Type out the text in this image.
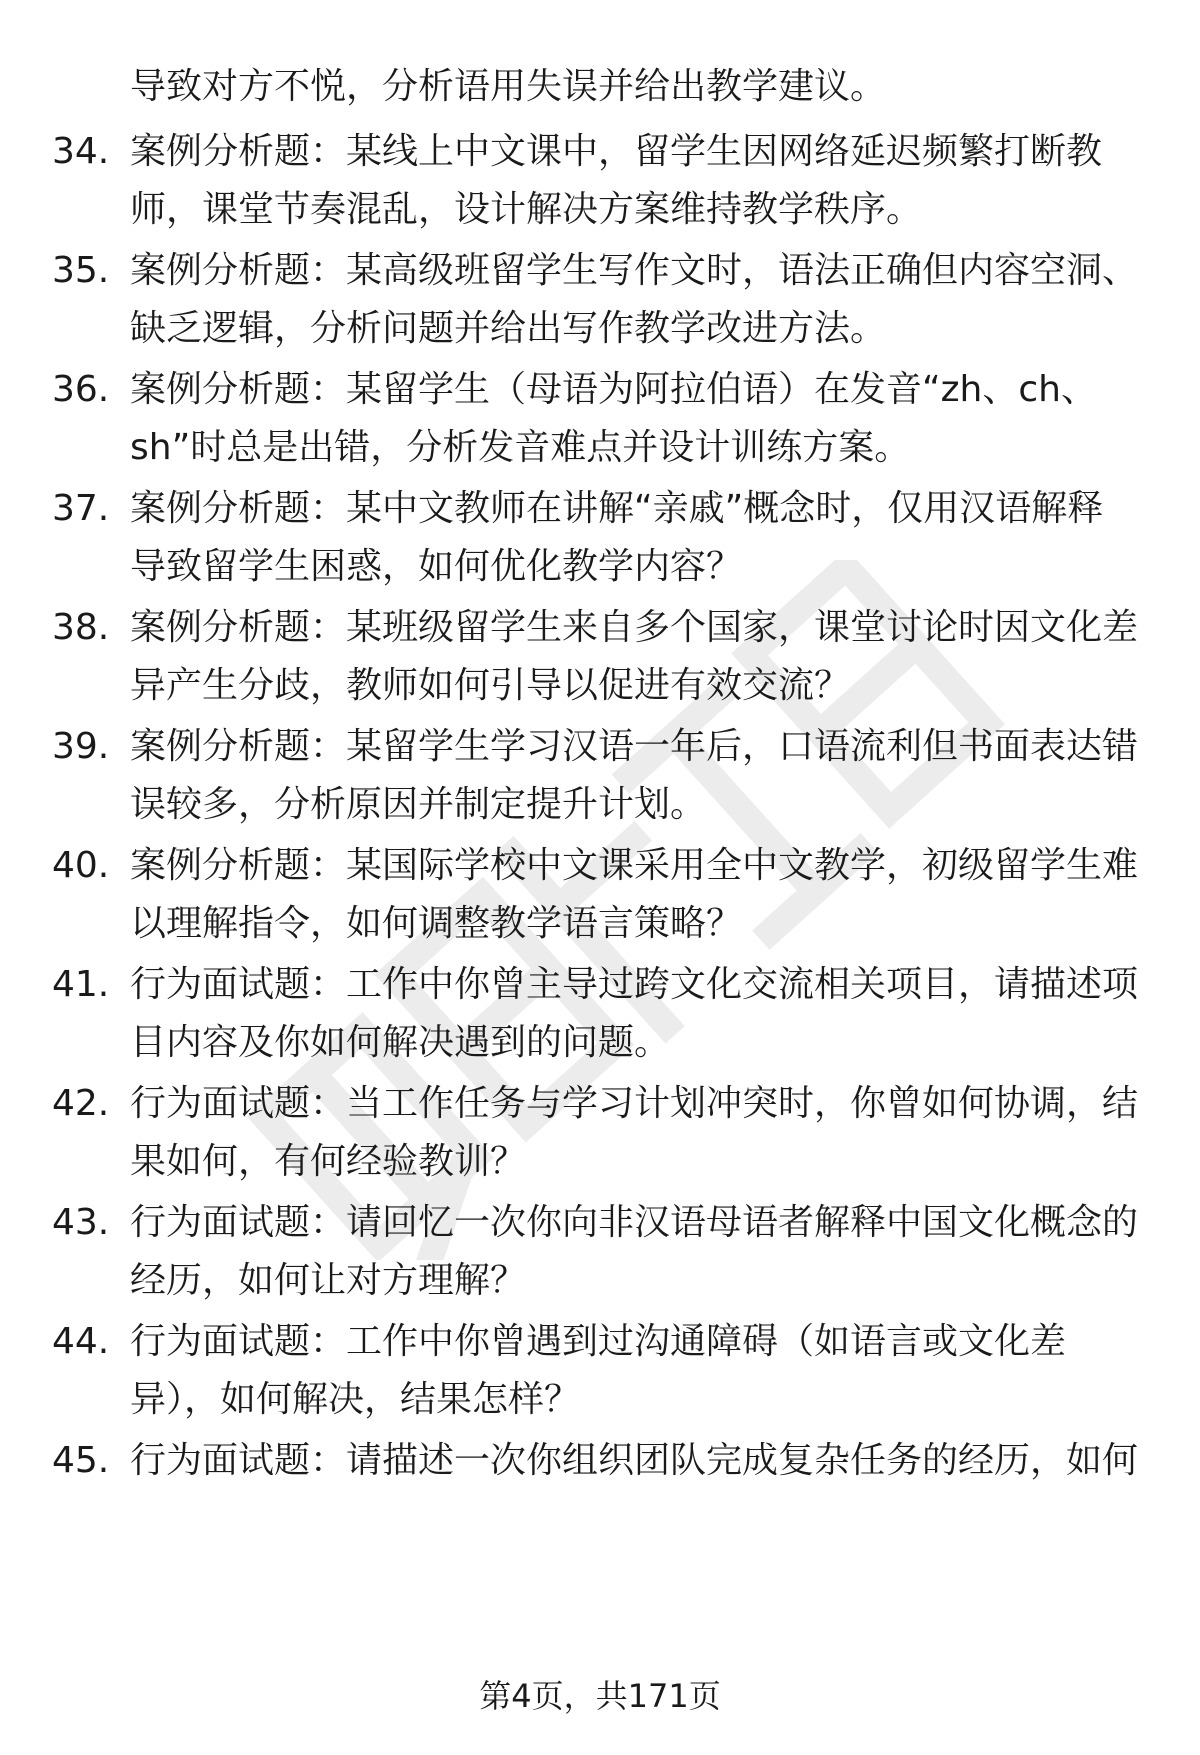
导致对方不悦，分析语用失误并给出教学建议。

34. 案例分析题：某线上中文课中，留学生因网络延迟频繁打断教
师，课堂节奏混乱，设计解决方案维持教学秩序。

35. 案例分析题：某高级班留学生写作文时，语法正确但内容空洞、
缺乏逻辑，分析问题并给出写作教学改进方法。

36. 案例分析题：某留学生（母语为阿拉伯语）在发音“zh、ch、
sh”时总是出错，分析发音难点并设计训练方案。

37. 案例分析题：某中文教师在讲解“亲戚”概念时，仅用汉语解释
导致留学生困惑，如何优化教学内容？

38. 案例分析题：某班级留学生来自多个国家，课堂讨论时因文化差
异产生分歧，教师如何引导以促进有效交流？

39. 案例分析题：某留学生学习汉语一年后，口语流利但书面表达错
误较多，分析原因并制定提升计划。

40. 案例分析题：某国际学校中文课采用全中文教学，初级留学生难
以理解指令，如何调整教学语言策略？

41. 行为面试题：工作中你曾主导过跨文化交流相关项目，请描述项
目内容及你如何解决遇到的问题。

42. 行为面试题：当工作任务与学习计划冲突时，你曾如何协调，结
果如何，有何经验教训？

43. 行为面试题：请回忆一次你向非汉语母语者解释中国文化概念的
经历，如何让对方理解？

44. 行为面试题：工作中你曾遇到过沟通障碍（如语言或文化差
异），如何解决，结果怎样？

45. 行为面试题：请描述一次你组织团队完成复杂任务的经历，如何

第4页，共171页
